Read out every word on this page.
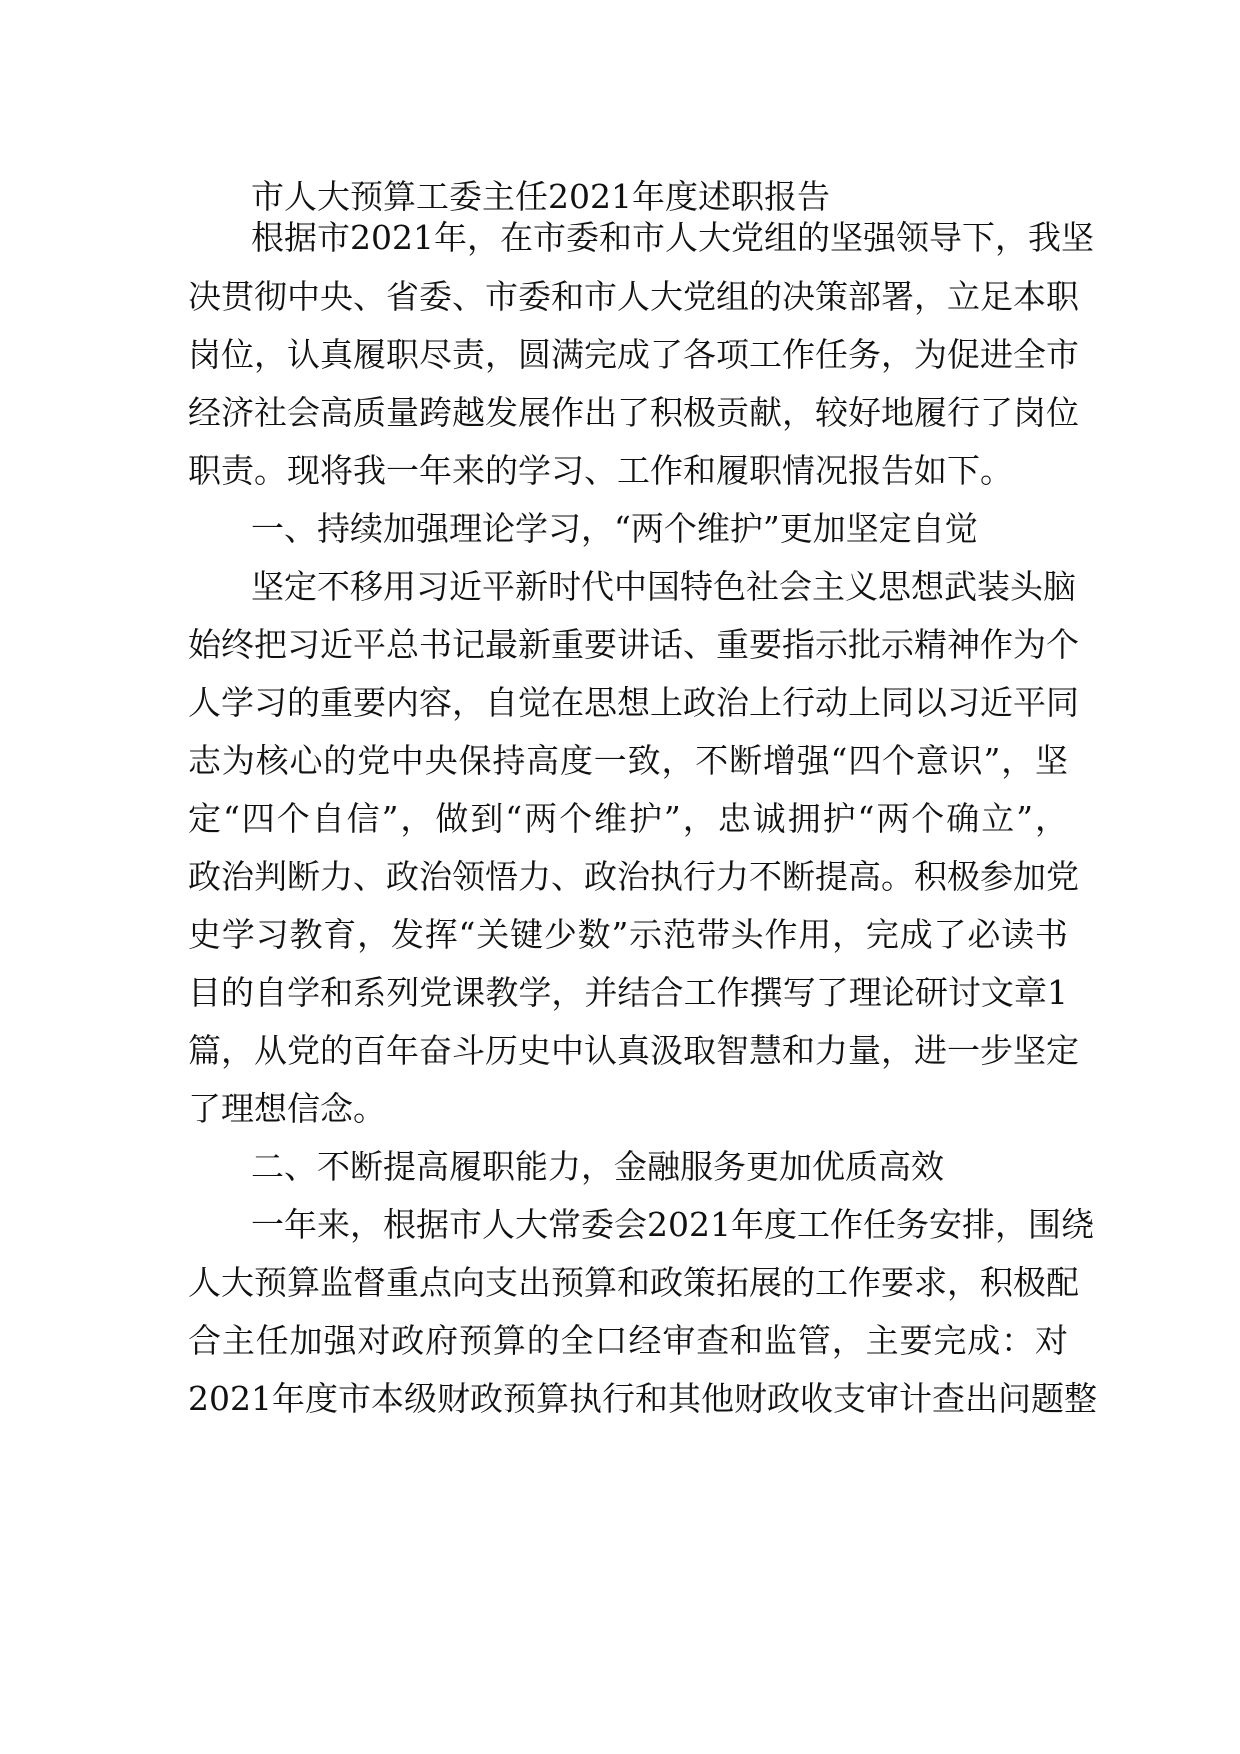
市人大预算工委主任2021年度述职报告
根据市2021年，在市委和市人大党组的坚强领导下，我坚
决贯彻中央、省委、市委和市人大党组的决策部署，立足本职
岗位，认真履职尽责，圆满完成了各项工作任务，为促进全市
经济社会高质量跨越发展作出了积极贡献，较好地履行了岗位
职责。现将我一年来的学习、工作和履职情况报告如下。
一、持续加强理论学习，“两个维护”更加坚定自觉
坚定不移用习近平新时代中国特色社会主义思想武装头脑
始终把习近平总书记最新重要讲话、重要指示批示精神作为个
人学习的重要内容，自觉在思想上政治上行动上同以习近平同
志为核心的党中央保持高度一致，不断增强“四个意识”，坚
定“四个自信”，做到“两个维护”，忠诚拥护“两个确立”，
政治判断力、政治领悟力、政治执行力不断提高。积极参加党
史学习教育，发挥“关键少数”示范带头作用，完成了必读书
目的自学和系列党课教学，并结合工作撰写了理论研讨文章1
篇，从党的百年奋斗历史中认真汲取智慧和力量，进一步坚定
了理想信念。
二、不断提高履职能力，金融服务更加优质高效
一年来，根据市人大常委会2021年度工作任务安排，围绕
人大预算监督重点向支出预算和政策拓展的工作要求，积极配
合主任加强对政府预算的全口经审查和监管，主要完成：对
2021年度市本级财政预算执行和其他财政收支审计查出问题整
